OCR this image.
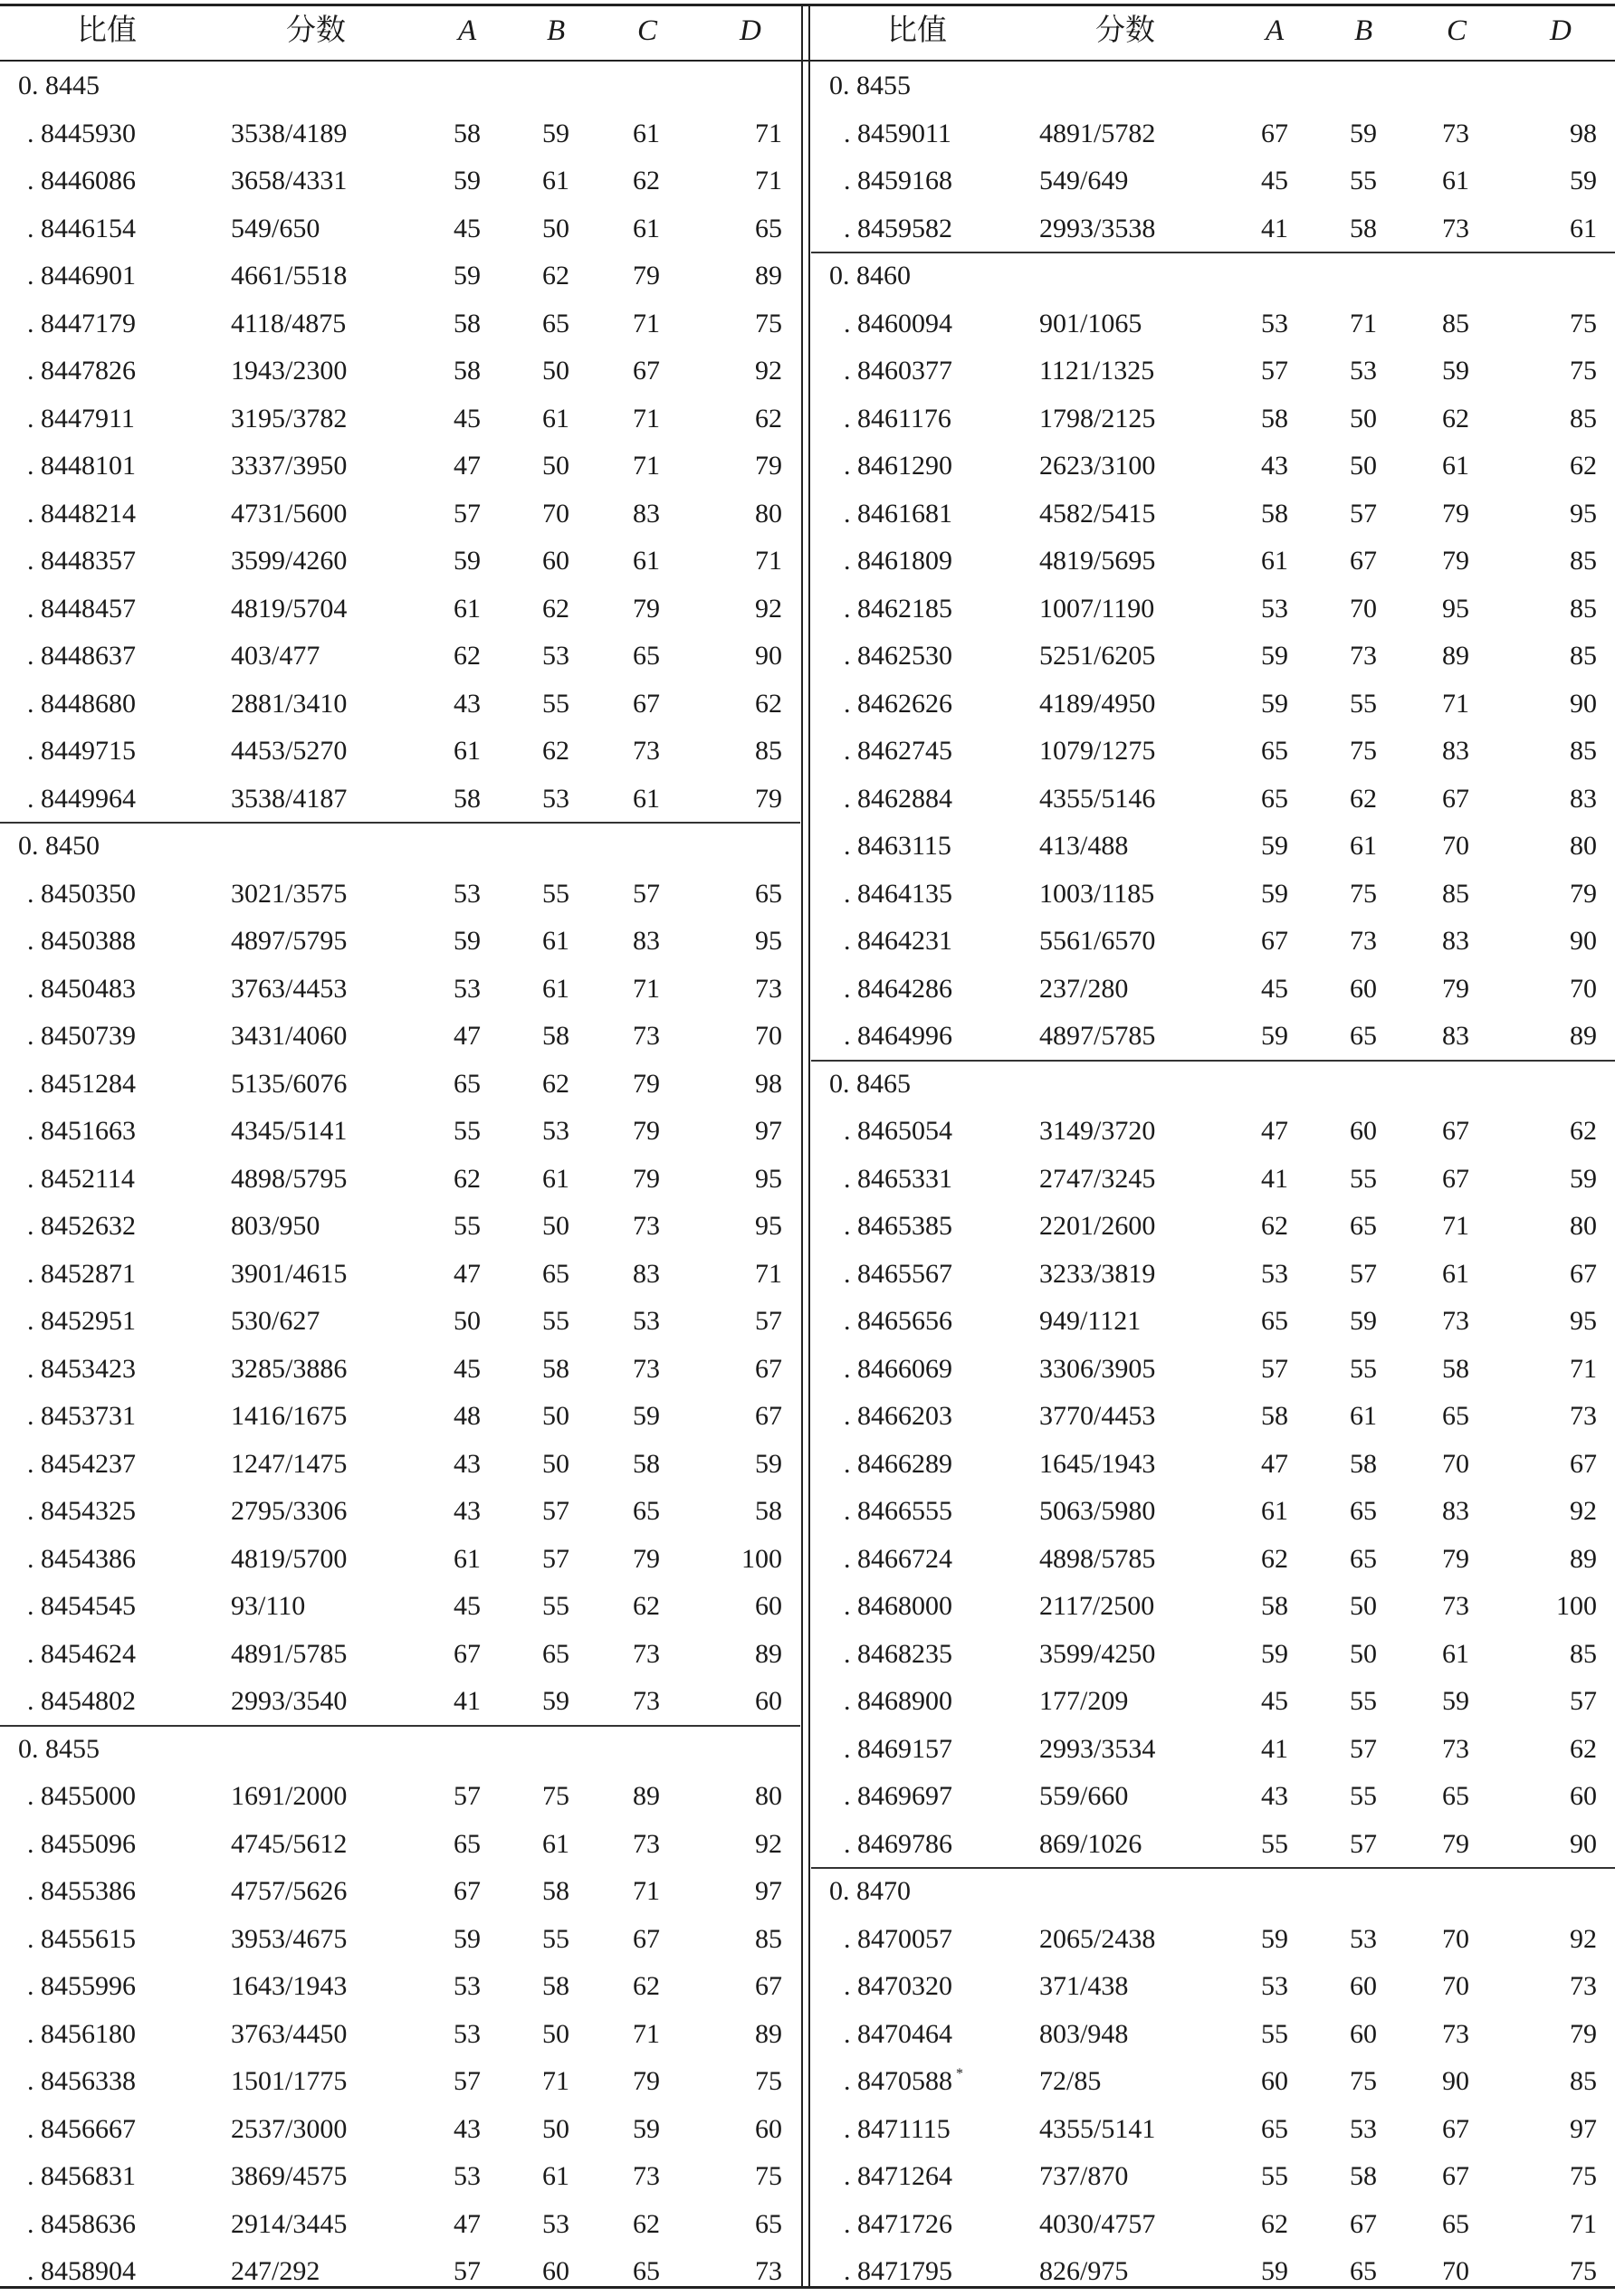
比值	分数	A B C	D
0. 8445
. 8445930	3538/4189	58 59 61	71
. 8446086	3658/4331	59 61 62	71
. 8446154	549/650	45 50 61	65
. 8446901	4661/5518	59 62 79	89
. 8447179	4118/4875	58 65 71	75
. 8447826	1943/2300	58 50 67	92
. 8447911	3195/3782	45 61 71	62
. 8448101	3337/3950	47 50 71	79
. 8448214	4731/5600	57 70 83	80
. 8448357	3599/4260	59 60 61	71
. 8448457	4819/5704	61 62 79	92
. 8448637	403/477	62 53 65	90
. 8448680	2881/3410	43 55 67	62
. 8449715	4453/5270	61 62 73	85
. 8449964	3538/4187	58 53 61	79
0. 8450
. 8450350	3021/3575	53 55 57	65
. 8450388	4897/5795	59 61 83	95
. 8450483	3763/4453	53 61 71	73
. 8450739	3431/4060	47 58 73	70
. 8451284	5135/6076	65 62 79	98
. 8451663	4345/5141	55 53 79	97
. 8452114	4898/5795	62 61 79	95
. 8452632	803/950	55 50 73	95
. 8452871	3901/4615	47 65 83	71
. 8452951	530/627	50 55 53	57
. 8453423	3285/3886	45 58 73	67
. 8453731	1416/1675	48 50 59	67
. 8454237	1247/1475	43 50 58	59
. 8454325	2795/3306	43 57 65	58
. 8454386	4819/5700	61 57 79	100
. 8454545	93/110	45 55 62	60
. 8454624	4891/5785	67 65 73	89
. 8454802	2993/3540	41 59 73	60
0. 8455
. 8455000	1691/2000	57 75 89	80
. 8455096	4745/5612	65 61 73	92
. 8455386	4757/5626	67 58 71	97
. 8455615	3953/4675	59 55 67	85
. 8455996	1643/1943	53 58 62	67
. 8456180	3763/4450	53 50 71	89
. 8456338	1501/1775	57 71 79	75
. 8456667	2537/3000	43 50 59	60
. 8456831	3869/4575	53 61 73	75
. 8458636	2914/3445	47 53 62	65
. 8458904	247/292	57 60 65	73
比值	分数	A B C	D
0. 8455
. 8459011	4891/5782	67 59 73	98
. 8459168	549/649	45 55 61	59
. 8459582	2993/3538	41 58 73	61
0. 8460
. 8460094	901/1065	53 71 85	75
. 8460377	1121/1325	57 53 59	75
. 8461176	1798/2125	58 50 62	85
. 8461290	2623/3100	43 50 61	62
. 8461681	4582/5415	58 57 79	95
. 8461809	4819/5695	61 67 79	85
. 8462185	1007/1190	53 70 95	85
. 8462530	5251/6205	59 73 89	85
. 8462626	4189/4950	59 55 71	90
. 8462745	1079/1275	65 75 83	85
. 8462884	4355/5146	65 62 67	83
. 8463115	413/488	59 61 70	80
. 8464135	1003/1185	59 75 85	79
. 8464231	5561/6570	67 73 83	90
. 8464286	237/280	45 60 79	70
. 8464996	4897/5785	59 65 83	89
0. 8465
. 8465054	3149/3720	47 60 67	62
. 8465331	2747/3245	41 55 67	59
. 8465385	2201/2600	62 65 71	80
. 8465567	3233/3819	53 57 61	67
. 8465656	949/1121	65 59 73	95
. 8466069	3306/3905	57 55 58	71
. 8466203	3770/4453	58 61 65	73
. 8466289	1645/1943	47 58 70	67
. 8466555	5063/5980	61 65 83	92
. 8466724	4898/5785	62 65 79	89
. 8468000	2117/2500	58 50 73	100
. 8468235	3599/4250	59 50 61	85
. 8468900	177/209	45 55 59	57
. 8469157	2993/3534	41 57 73	62
. 8469697	559/660	43 55 65	60
. 8469786	869/1026	55 57 79	90
0. 8470
. 8470057	2065/2438	59 53 70	92
. 8470320	371/438	53 60 70	73
. 8470464	803/948	55 60 73	79
. 8470588 *	72/85	60 75 90	85
. 8471115	4355/5141	65 53 67	97
. 8471264	737/870	55 58 67	75
. 8471726	4030/4757	62 67 65	71
. 8471795	826/975	59 65 70	75
